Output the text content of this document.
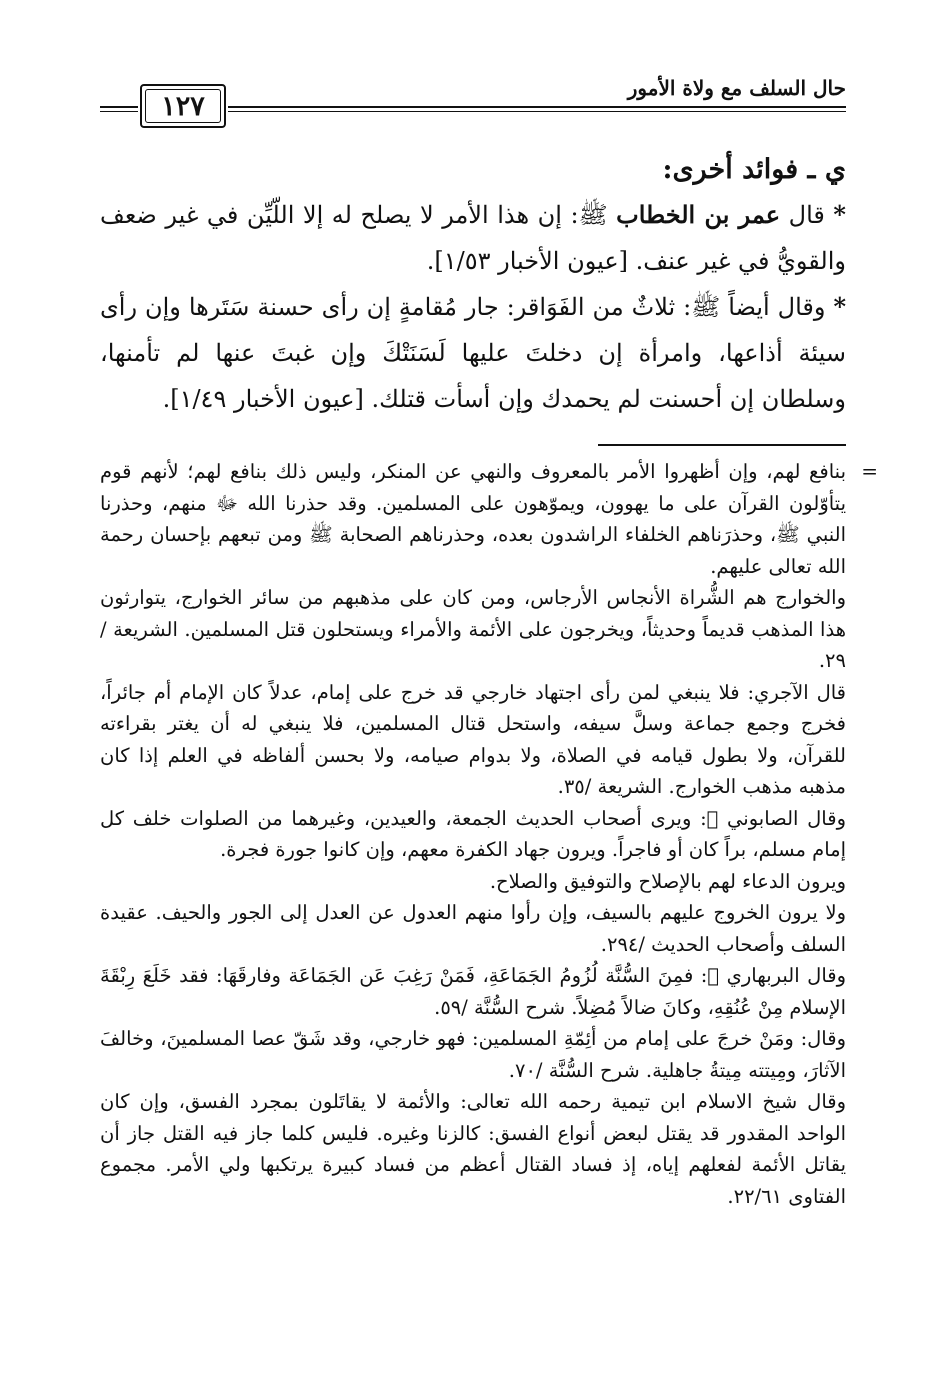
حال السلف مع ولاة الأمور
١٢٧
ي ـ فوائد أخرى:

* قال عمر بن الخطاب ﷺ: إن هذا الأمر لا يصلح له إلا اللّيِّن في غير ضعف والقويُّ في غير عنف. [عيون الأخبار ١/٥٣].

* وقال أيضاً ﷺ: ثلاثٌ من الفَوَاقر: جار مُقامةٍ إن رأى حسنة سَتَرها وإن رأى سيئة أذاعها، وامرأة إن دخلتَ عليها لَسَنَتْكَ وإن غبتَ عنها لم تأمنها، وسلطان إن أحسنت لم يحمدك وإن أسأت قتلك. [عيون الأخبار ١/٤٩].

=

بنافع لهم، وإن أظهروا الأمر بالمعروف والنهي عن المنكر، وليس ذلك بنافع لهم؛ لأنهم قوم يتأوّلون القرآن على ما يهوون، ويموّهون على المسلمين. وقد حذرنا الله ﷻ منهم، وحذرنا النبي ﷺ، وحذرَناهم الخلفاء الراشدون بعده، وحذرناهم الصحابة ﷺ ومن تبعهم بإحسان رحمة الله تعالى عليهم.

والخوارج هم الشُّراة الأنجاس الأرجاس، ومن كان على مذهبهم من سائر الخوارج، يتوارثون هذا المذهب قديماً وحديثاً، ويخرجون على الأئمة والأمراء ويستحلون قتل المسلمين. الشريعة /٢٩.

قال الآجري: فلا ينبغي لمن رأى اجتهاد خارجي قد خرج على إمام، عدلاً كان الإمام أم جائراً، فخرج وجمع جماعة وسلَّ سيفه، واستحل قتال المسلمين، فلا ينبغي له أن يغتر بقراءته للقرآن، ولا بطول قيامه في الصلاة، ولا بدوام صيامه، ولا بحسن ألفاظه في العلم إذا كان مذهبه مذهب الخوارج. الشريعة /٣٥.

وقال الصابوني ﷬: ويرى أصحاب الحديث الجمعة، والعيدين، وغيرهما من الصلوات خلف كل إمام مسلم، براً كان أو فاجراً. ويرون جهاد الكفرة معهم، وإن كانوا جورة فجرة.

ويرون الدعاء لهم بالإصلاح والتوفيق والصلاح.

ولا يرون الخروج عليهم بالسيف، وإن رأوا منهم العدول عن العدل إلى الجور والحيف. عقيدة السلف وأصحاب الحديث /٢٩٤.

وقال البربهاري ﷬: فمِنَ السُّنَّة لُزُومُ الجَمَاعَةِ، فَمَنْ رَغِبَ عَن الجَمَاعَة وفارقَهَا: فقد خَلَعَ رِبْقَةَ الإسلام مِنْ عُنُقِهِ، وكانَ ضالاً مُضِلاً. شرح السُّنَّة /٥٩.

وقال: ومَنْ خرجَ على إمام من أئِمّةِ المسلمين: فهو خارجي، وقد شَقّ عصا المسلمينَ، وخالفَ الآثارَ، ومِيتته مِيتةُ جاهلية. شرح السُّنَّة /٧٠.

وقال شيخ الاسلام ابن تيمية رحمه الله تعالى: والأئمة لا يقاتَلون بمجرد الفسق، وإن كان الواحد المقدور قد يقتل لبعض أنواع الفسق: كالزنا وغيره. فليس كلما جاز فيه القتل جاز أن يقاتل الأئمة لفعلهم إياه، إذ فساد القتال أعظم من فساد كبيرة يرتكبها ولي الأمر. مجموع الفتاوى ٢٢/٦١.
